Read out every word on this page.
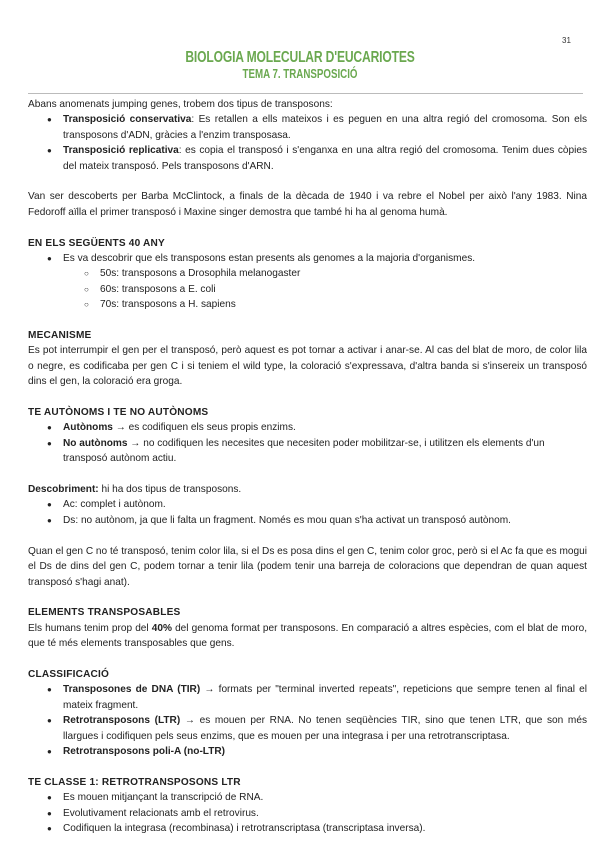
31
BIOLOGIA MOLECULAR D'EUCARIOTES
TEMA 7. TRANSPOSICIÓ

Abans anomenats jumping genes, trobem dos tipus de transposons:

● Transposició conservativa: Es retallen a ells mateixos i es peguen en una altra regió del cromosoma. Son els transposons d'ADN, gràcies a l'enzim transposasa.
● Transposició replicativa: es copia el transposó i s'enganxa en una altra regió del cromosoma. Tenim dues còpies del mateix transposó. Pels transposons d'ARN.

Van ser descoberts per Barba McClintock, a finals de la dècada de 1940 i va rebre el Nobel per això l'any 1983. Nina Fedoroff aïlla el primer transposó i Maxine singer demostra que també hi ha al genoma humà.

EN ELS SEGÜENTS 40 ANY
● Es va descobrir que els transposons estan presents als genomes a la majoria d'organismes.
○ 50s: transposons a Drosophila melanogaster
○ 60s: transposons a E. coli
○ 70s: transposons a H. sapiens
MECANISME

Es pot interrumpir el gen per el transposó, però aquest es pot tornar a activar i anar-se. Al cas del blat de moro, de color lila o negre, es codificaba per gen C i si teniem el wild type, la coloració s'expressava, d'altra banda si s'insereix un transposó dins el gen, la coloració era groga.

TE AUTÒNOMS I TE NO AUTÒNOMS
● Autònoms → es codifiquen els seus propis enzims.
● No autònoms → no codifiquen les necesites que necesiten poder mobilitzar-se, i utilitzen els elements d'un transposó autònom actiu.

Descobriment: hi ha dos tipus de transposons.

● Ac: complet i autònom.
● Ds: no autònom, ja que li falta un fragment. Només es mou quan s'ha activat un transposó autònom.

Quan el gen C no té transposó, tenim color lila, si el Ds es posa dins el gen C, tenim color groc, però si el Ac fa que es mogui el Ds de dins del gen C, podem tornar a tenir lila (podem tenir una barreja de coloracions que dependran de quan aquest transposó s'hagi anat).

ELEMENTS TRANSPOSABLES

Els humans tenim prop del 40% del genoma format per transposons. En comparació a altres espècies, com el blat de moro, que té més elements transposables que gens.

CLASSIFICACIÓ
● Transposones de DNA (TIR) → formats per "terminal inverted repeats", repeticions que sempre tenen al final el mateix fragment.
● Retrotransposons (LTR) → es mouen per RNA. No tenen seqüències TIR, sino que tenen LTR, que son més llargues i codifiquen pels seus enzims, que es mouen per una integrasa i per una retrotranscriptasa.
● Retrotransposons poli-A (no-LTR)
TE CLASSE 1: RETROTRANSPOSONS LTR
● Es mouen mitjançant la transcripció de RNA.
● Evolutivament relacionats amb el retrovirus.
● Codifiquen la integrasa (recombinasa) i retrotranscriptasa (transcriptasa inversa).
